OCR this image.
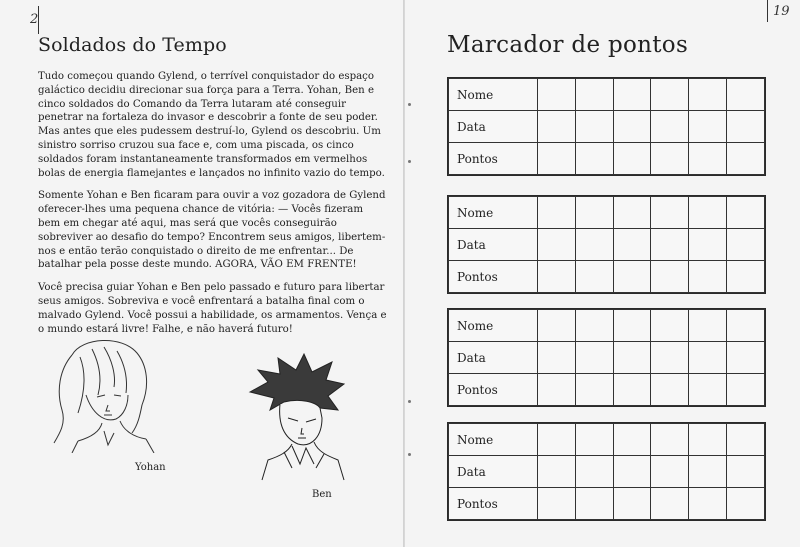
2
Soldados do Tempo

Tudo começou quando Gylend, o terrível conquistador do espaço galáctico decidiu direcionar sua força para a Terra. Yohan, Ben e cinco soldados do Comando da Terra lutaram até conseguir penetrar na fortaleza do invasor e descobrir a fonte de seu poder. Mas antes que eles pudessem destruí-lo, Gylend os descobriu. Um sinistro sorriso cruzou sua face e, com uma piscada, os cinco soldados foram instantaneamente transformados em vermelhos bolas de energia flamejantes e lançados no infinito vazio do tempo.

Somente Yohan e Ben ficaram para ouvir a voz gozadora de Gylend oferecer-lhes uma pequena chance de vitória: — Vocês fizeram bem em chegar até aqui, mas será que vocês conseguirão sobreviver ao desafio do tempo? Encontrem seus amigos, libertem-nos e então terão conquistado o direito de me enfrentar... De batalhar pela posse deste mundo. AGORA, VÃO EM FRENTE!

Você precisa guiar Yohan e Ben pelo passado e futuro para libertar seus amigos. Sobreviva e você enfrentará a batalha final com o malvado Gylend. Você possui a habilidade, os armamentos. Vença e o mundo estará livre! Falhe, e não haverá futuro!

Yohan
Ben
19
Marcador de pontos
Nome						
Data						
Pontos						
Nome						
Data						
Pontos						
Nome						
Data						
Pontos						
Nome						
Data						
Pontos						
